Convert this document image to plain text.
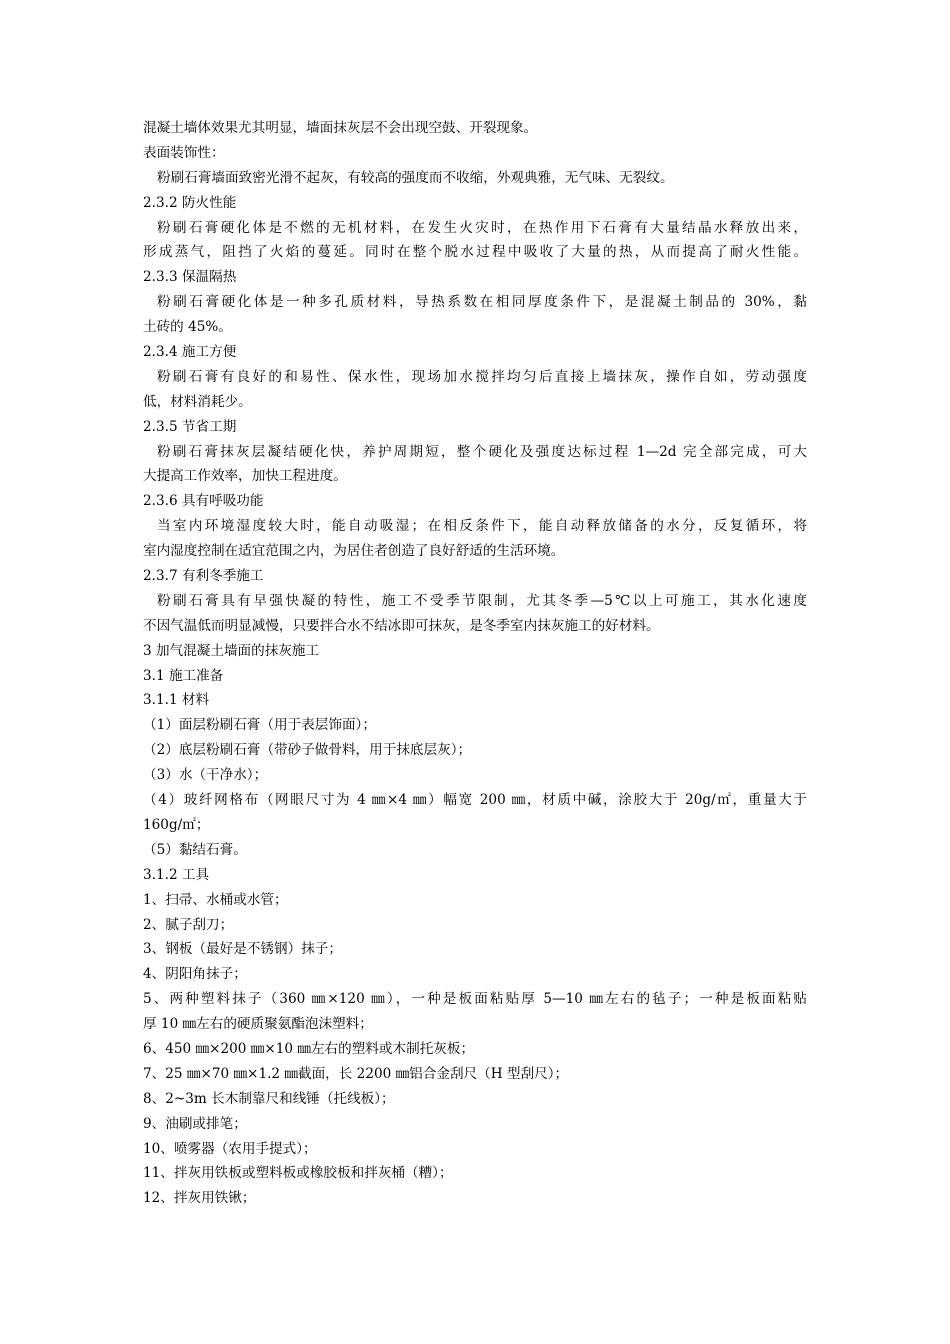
混凝土墙体效果尤其明显，墙面抹灰层不会出现空鼓、开裂现象。
表面装饰性：
粉刷石膏墙面致密光滑不起灰，有较高的强度而不收缩，外观典雅，无气味、无裂纹。
2.3.2 防火性能
粉刷石膏硬化体是不燃的无机材料，在发生火灾时，在热作用下石膏有大量结晶水释放出来，
形成蒸气，阻挡了火焰的蔓延。同时在整个脱水过程中吸收了大量的热，从而提高了耐火性能。
2.3.3 保温隔热
粉刷石膏硬化体是一种多孔质材料，导热系数在相同厚度条件下，是混凝土制品的 30%，黏
土砖的 45%。
2.3.4 施工方便
粉刷石膏有良好的和易性、保水性，现场加水搅拌均匀后直接上墙抹灰，操作自如，劳动强度
低，材料消耗少。
2.3.5 节省工期
粉刷石膏抹灰层凝结硬化快，养护周期短，整个硬化及强度达标过程 1—2d 完全部完成，可大
大提高工作效率，加快工程进度。
2.3.6 具有呼吸功能
当室内环境湿度较大时，能自动吸湿；在相反条件下，能自动释放储备的水分，反复循环，将
室内湿度控制在适宜范围之内，为居住者创造了良好舒适的生活环境。
2.3.7 有利冬季施工
粉刷石膏具有早强快凝的特性，施工不受季节限制，尤其冬季—5℃以上可施工，其水化速度
不因气温低而明显减慢，只要拌合水不结冰即可抹灰，是冬季室内抹灰施工的好材料。
3 加气混凝土墙面的抹灰施工
3.1 施工准备
3.1.1 材料
（1）面层粉刷石膏（用于表层饰面）；
（2）底层粉刷石膏（带砂子做骨料，用于抹底层灰）；
（3）水（干净水）；
（4）玻纤网格布（网眼尺寸为 4 ㎜×4 ㎜）幅宽 200 ㎜，材质中碱，涂胶大于 20g/㎡，重量大于
160g/㎡；
（5）黏结石膏。
3.1.2 工具
1、扫帚、水桶或水管；
2、腻子刮刀；
3、钢板（最好是不锈钢）抹子；
4、阴阳角抹子；
5、两种塑料抹子（360 ㎜×120 ㎜），一种是板面粘贴厚 5—10 ㎜左右的毡子；一种是板面粘贴
厚 10 ㎜左右的硬质聚氨酯泡沫塑料；
6、450 ㎜×200 ㎜×10 ㎜左右的塑料或木制托灰板；
7、25 ㎜×70 ㎜×1.2 ㎜截面，长 2200 ㎜铝合金刮尺（H 型刮尺）；
8、2~3m 长木制靠尺和线锤（托线板）；
9、油刷或排笔；
10、喷雾器（农用手提式）；
11、拌灰用铁板或塑料板或橡胶板和拌灰桶（糟）；
12、拌灰用铁锹；
